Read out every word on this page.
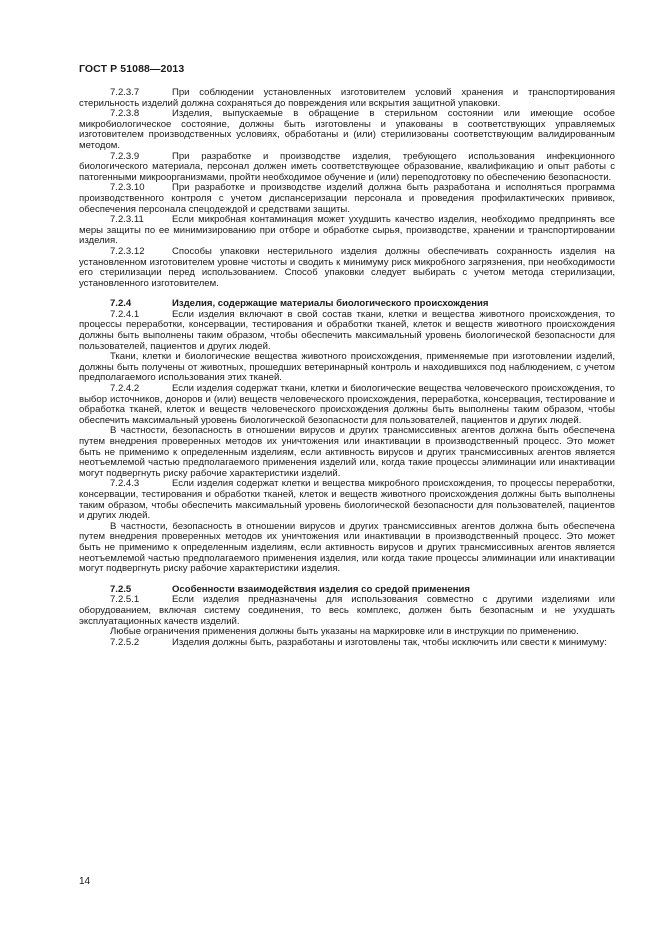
ГОСТ Р 51088—2013

7.2.3.7	При соблюдении установленных изготовителем условий хранения и транспортирования стерильность изделий должна сохраняться до повреждения или вскрытия защитной упаковки.

7.2.3.8	Изделия, выпускаемые в обращение в стерильном состоянии или имеющие особое микробиологическое состояние, должны быть изготовлены и упакованы в соответствующих управляемых изготовителем производственных условиях, обработаны и (или) стерилизованы соответствующим валидированным методом.

7.2.3.9	При разработке и производстве изделия, требующего использования инфекционного биологического материала, персонал должен иметь соответствующее образование, квалификацию и опыт работы с патогенными микроорганизмами, пройти необходимое обучение и (или) переподготовку по обеспечению безопасности.

7.2.3.10	При разработке и производстве изделий должна быть разработана и исполняться программа производственного контроля с учетом диспансеризации персонала и проведения профилактических прививок, обеспечения персонала спецодеждой и средствами защиты.

7.2.3.11	Если микробная контаминация может ухудшить качество изделия, необходимо предпринять все меры защиты по ее минимизированию при отборе и обработке сырья, производстве, хранении и транспортировании изделия.

7.2.3.12	Способы упаковки нестерильного изделия должны обеспечивать сохранность изделия на установленном изготовителем уровне чистоты и сводить к минимуму риск микробного загрязнения, при необходимости его стерилизации перед использованием. Способ упаковки следует выбирать с учетом метода стерилизации, установленного изготовителем.

7.2.4	Изделия, содержащие материалы биологического происхождения

7.2.4.1	Если изделия включают в свой состав ткани, клетки и вещества животного происхождения, то процессы переработки, консервации, тестирования и обработки тканей, клеток и веществ животного происхождения должны быть выполнены таким образом, чтобы обеспечить максимальный уровень биологической безопасности для пользователей, пациентов и других людей.

Ткани, клетки и биологические вещества животного происхождения, применяемые при изготовлении изделий, должны быть получены от животных, прошедших ветеринарный контроль и находившихся под наблюдением, с учетом предполагаемого использования этих тканей.

7.2.4.2	Если изделия содержат ткани, клетки и биологические вещества человеческого происхождения, то выбор источников, доноров и (или) веществ человеческого происхождения, переработка, консервация, тестирование и обработка тканей, клеток и веществ человеческого происхождения должны быть выполнены таким образом, чтобы обеспечить максимальный уровень биологической безопасности для пользователей, пациентов и других людей.

В частности, безопасность в отношении вирусов и других трансмиссивных агентов должна быть обеспечена путем внедрения проверенных методов их уничтожения или инактивации в производственный процесс. Это может быть не применимо к определенным изделиям, если активность вирусов и других трансмиссивных агентов является неотъемлемой частью предполагаемого применения изделий или, когда такие процессы элиминации или инактивации могут подвергнуть риску рабочие характеристики изделий.

7.2.4.3	Если изделия содержат клетки и вещества микробного происхождения, то процессы переработки, консервации, тестирования и обработки тканей, клеток и веществ животного происхождения должны быть выполнены таким образом, чтобы обеспечить максимальный уровень биологической безопасности для пользователей, пациентов и других людей.

В частности, безопасность в отношении вирусов и других трансмиссивных агентов должна быть обеспечена путем внедрения проверенных методов их уничтожения или инактивации в производственный процесс. Это может быть не применимо к определенным изделиям, если активность вирусов и других трансмиссивных агентов является неотъемлемой частью предполагаемого применения изделия, или когда такие процессы элиминации или инактивации могут подвергнуть риску рабочие характеристики изделия.

7.2.5	Особенности взаимодействия изделия со средой применения

7.2.5.1	Если изделия предназначены для использования совместно с другими изделиями или оборудованием, включая систему соединения, то весь комплекс, должен быть безопасным и не ухудшать эксплуатационных качеств изделий.

Любые ограничения применения должны быть указаны на маркировке или в инструкции по применению.

7.2.5.2	Изделия должны быть, разработаны и изготовлены так, чтобы исключить или свести к минимуму:

14
